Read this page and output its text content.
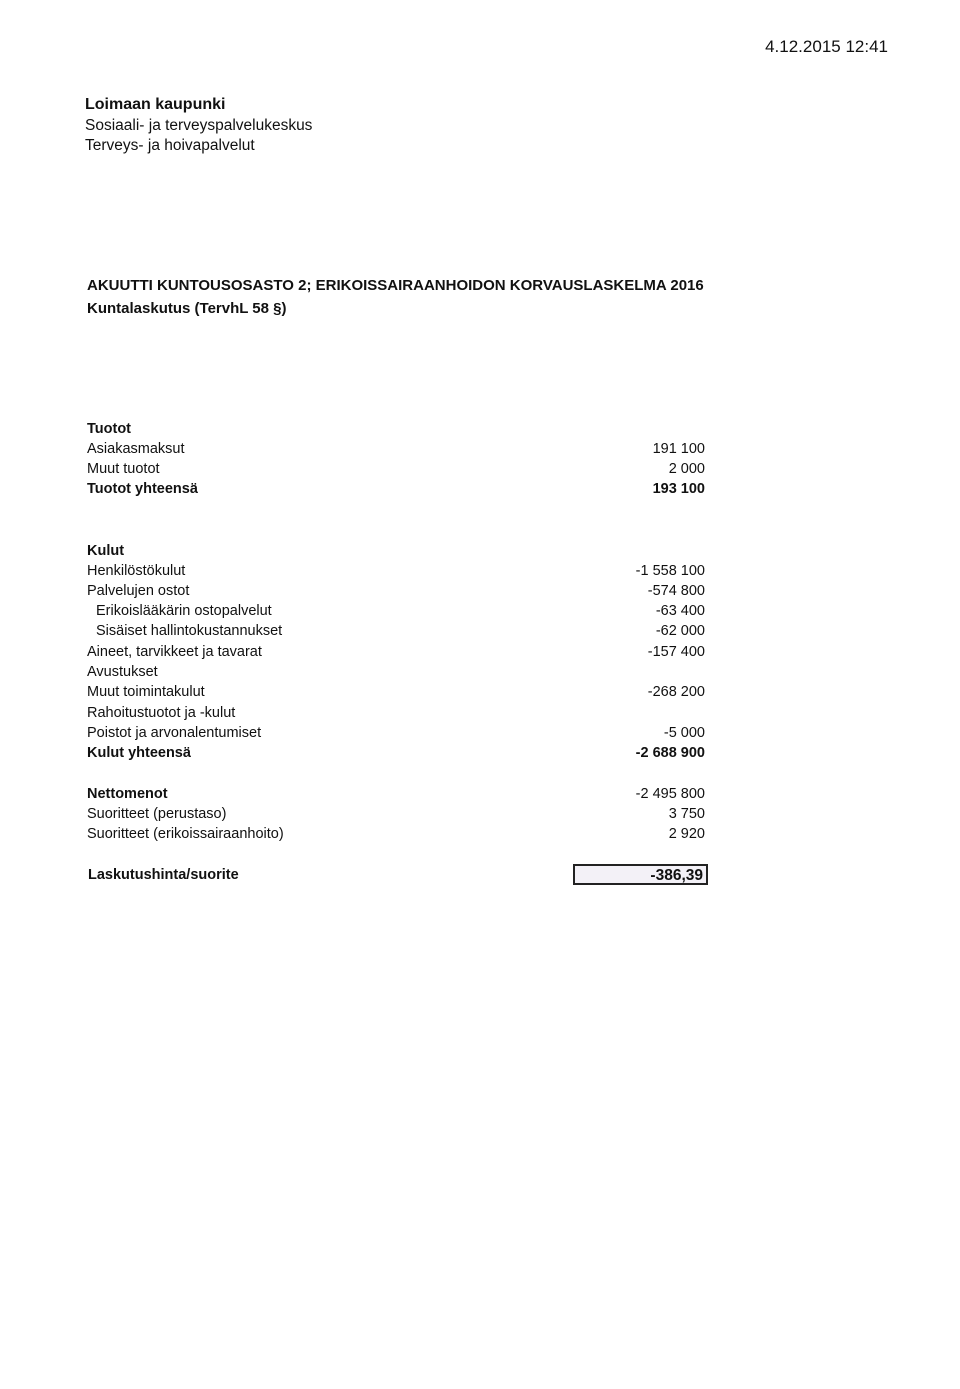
4.12.2015 12:41
Loimaan kaupunki
Sosiaali- ja terveyspalvelukeskus
Terveys- ja hoivapalvelut
AKUUTTI KUNTOUSOSASTO 2; ERIKOISSAIRAANHOIDON KORVAUSLASKELMA 2016
Kuntalaskutus (TervhL 58 §)
Tuotot
Asiakasmaksut	191 100
Muut tuotot	2 000
Tuotot yhteensä	193 100
Kulut
Henkilöstökulut	-1 558 100
Palvelujen ostot	-574 800
Erikoislääkärin ostopalvelut	-63 400
Sisäiset hallintokustannukset	-62 000
Aineet, tarvikkeet ja tavarat	-157 400
Avustukset
Muut toimintakulut	-268 200
Rahoitustuotot ja -kulut
Poistot ja arvonalentumiset	-5 000
Kulut yhteensä	-2 688 900
Nettomenot	-2 495 800
Suoritteet (perustaso)	3 750
Suoritteet (erikoissairaanhoito)	2 920
Laskutushinta/suorite	-386,39
